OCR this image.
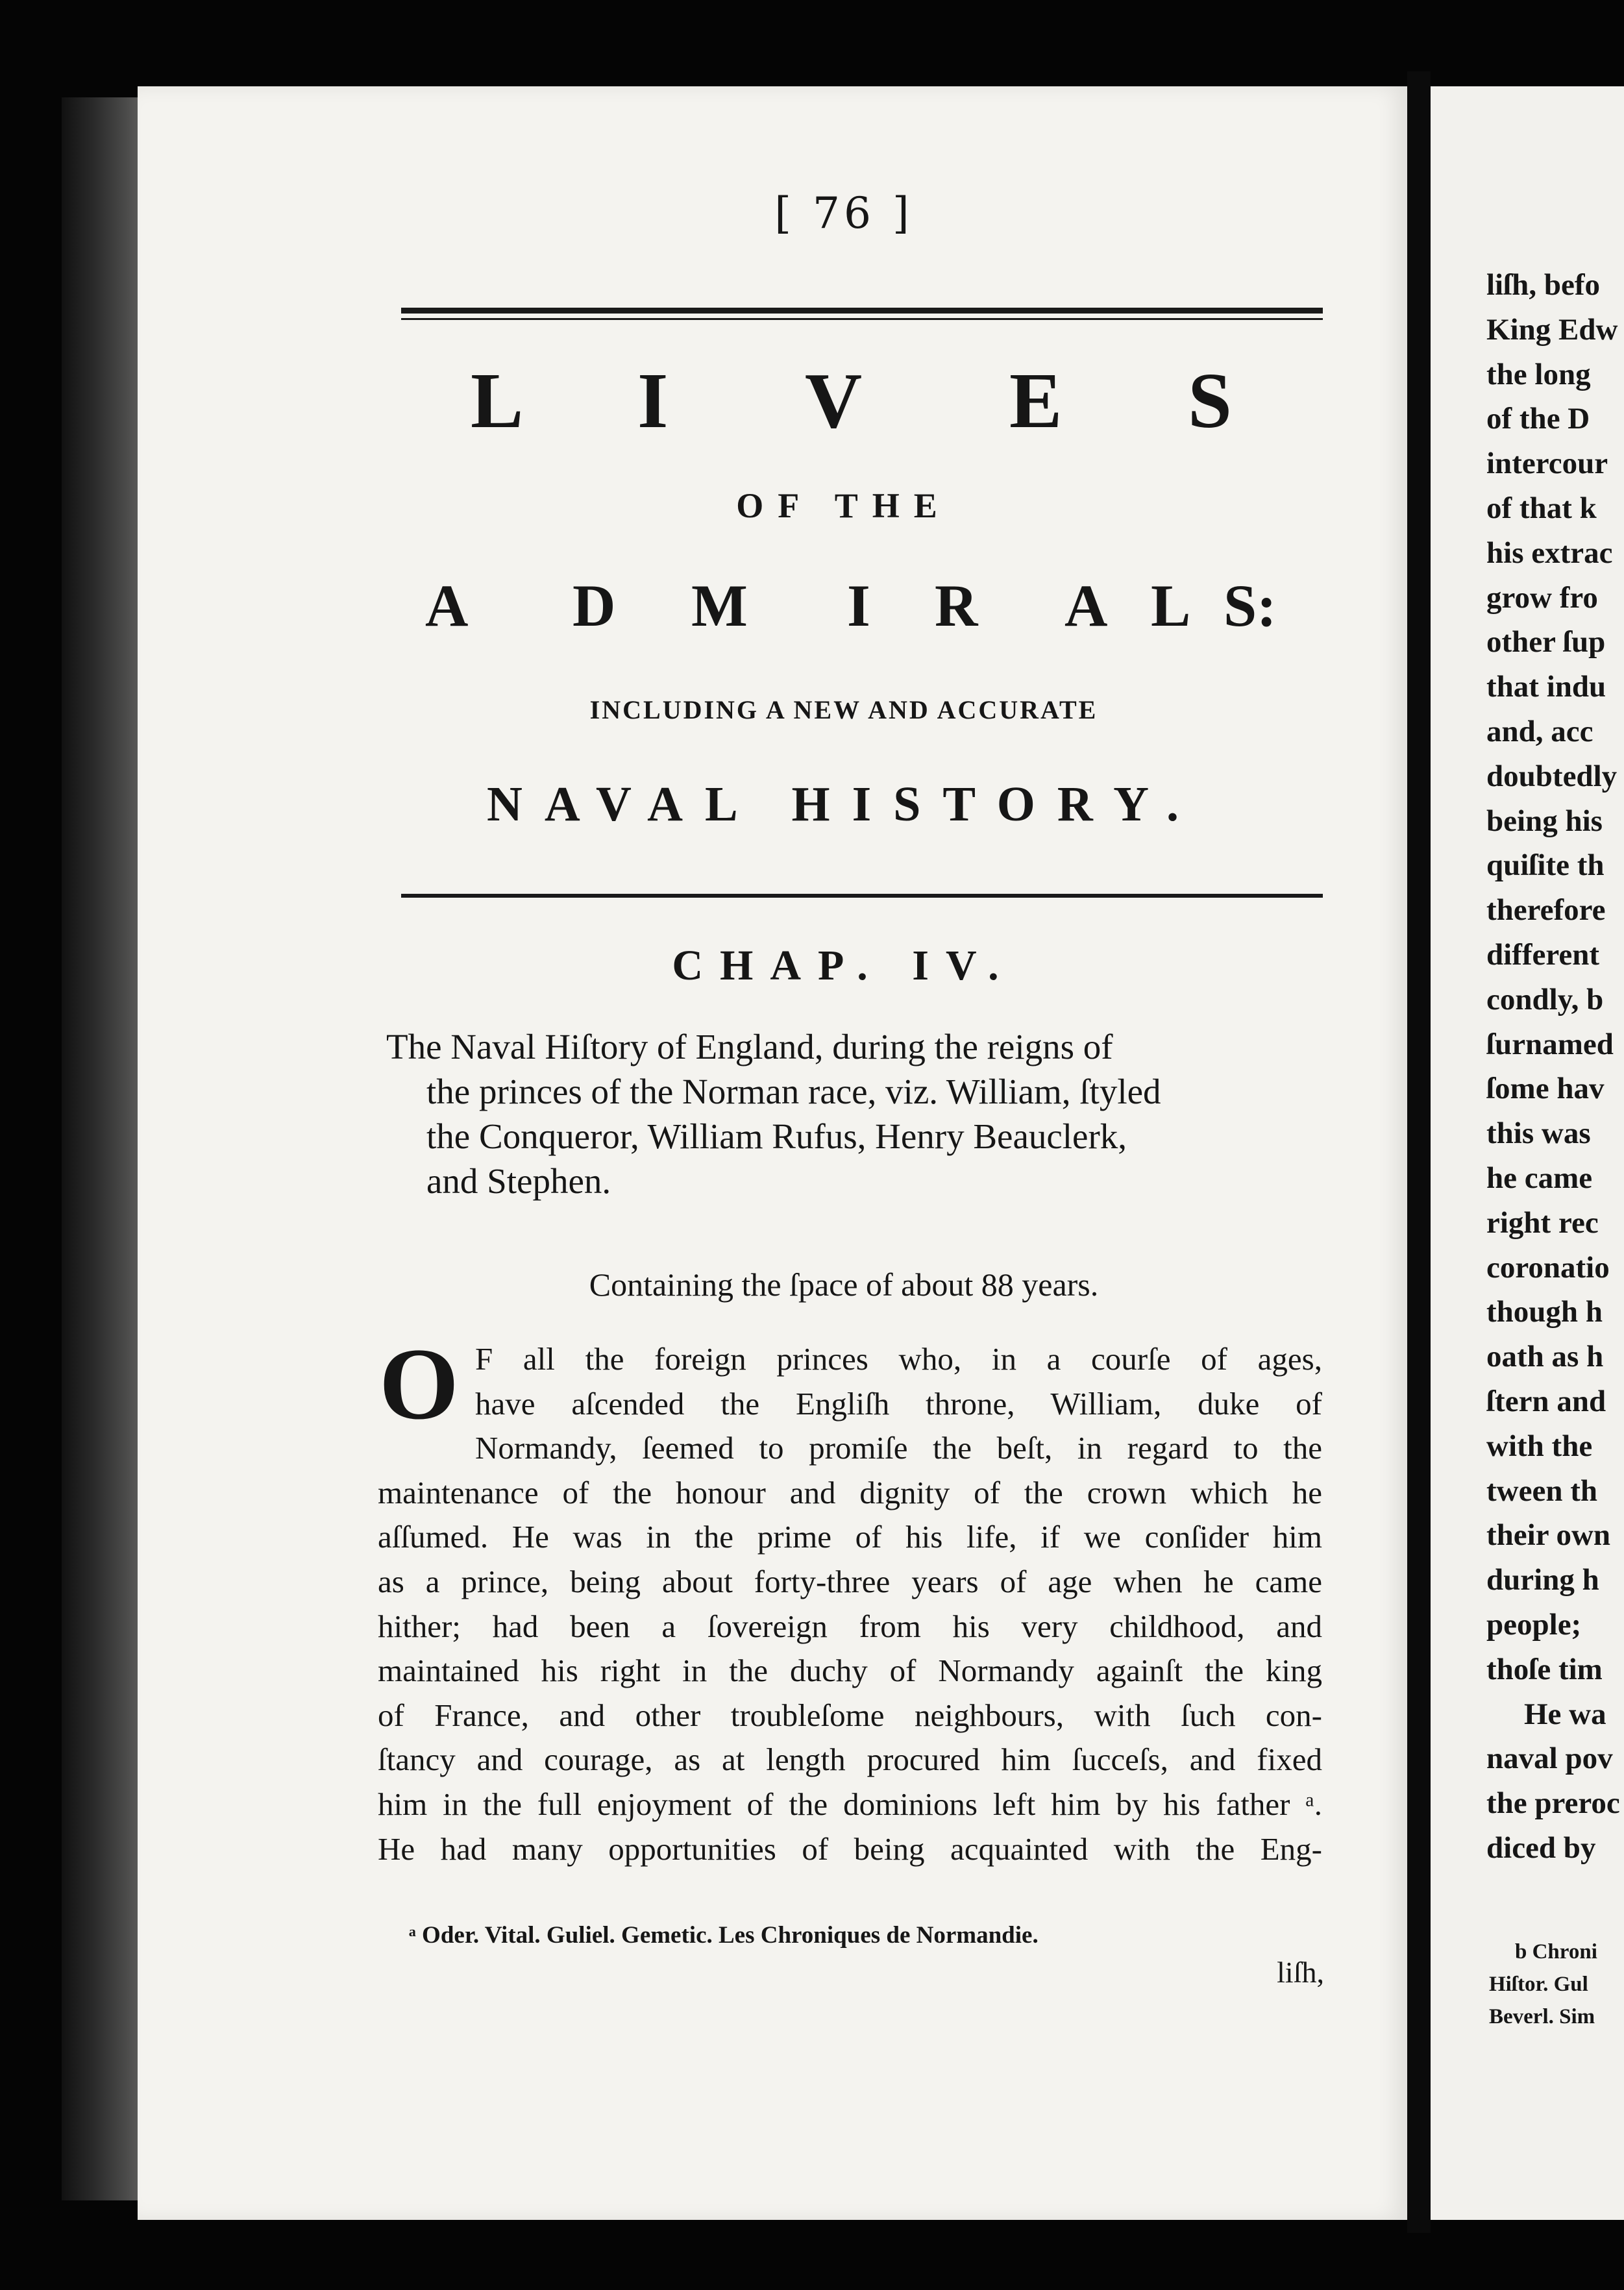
[ 76 ]
L I V E S
OF THE
A D M I R A L S:
INCLUDING A NEW AND ACCURATE
NAVAL HISTORY.
CHAP. IV.
The Naval Hiſtory of England, during the reigns of
the princes of the Norman race, viz. William, ſtyled
the Conqueror, William Rufus, Henry Beauclerk,
and Stephen.
Containing the ſpace of about 88 years.
O F all the foreign princes who, in a courſe of ages,
have aſcended the Engliſh throne, William, duke of
Normandy, ſeemed to promiſe the beſt, in regard to the
maintenance of the honour and dignity of the crown which he
aſſumed. He was in the prime of his life, if we conſider him
as a prince, being about forty-three years of age when he came
hither; had been a ſovereign from his very childhood, and
maintained his right in the duchy of Normandy againſt the king
of France, and other troubleſome neighbours, with ſuch con-
ſtancy and courage, as at length procured him ſucceſs, and fixed
him in the full enjoyment of the dominions left him by his father ᵃ.
He had many opportunities of being acquainted with the Eng-
ᵃ Oder. Vital. Guliel. Gemetic. Les Chroniques de Normandie.
liſh,
liſh, befo
King Edw
the long
of the D
intercour
of that k
his extrac
grow fro
other ſup
that indu
and, acc
doubtedly
being his
quiſite th
therefore
different
condly, b
ſurnamed
ſome hav
this was
he came
right rec
coronatio
though h
oath as h
ſtern and
with the
tween th
their own
during h
people;
thoſe tim
He wa
naval pov
the preroc
diced by
b Chroni
Hiſtor. Gul
Beverl. Sim
